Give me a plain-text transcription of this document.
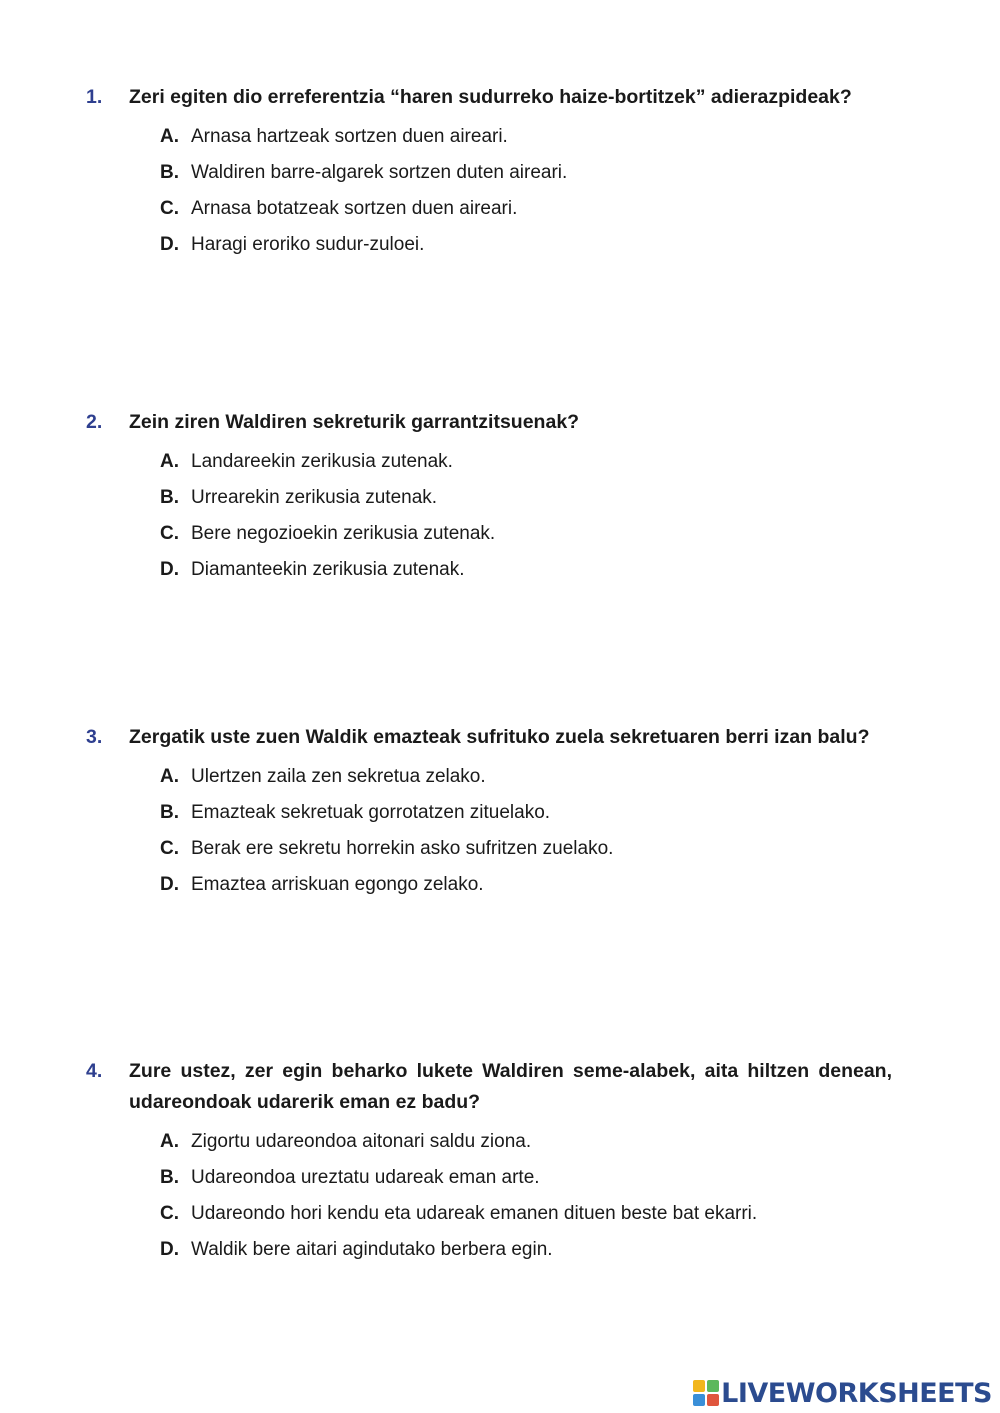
1. Zeri egiten dio erreferentzia “haren sudurreko haize-bortitzek” adierazpideak?
A. Arnasa hartzeak sortzen duen aireari.
B. Waldiren barre-algarek sortzen duten aireari.
C. Arnasa botatzeak sortzen duen aireari.
D. Haragi eroriko sudur-zuloei.
2. Zein ziren Waldiren sekreturik garrantzitsuenak?
A. Landareekin zerikusia zutenak.
B. Urrearekin zerikusia zutenak.
C. Bere negozioekin zerikusia zutenak.
D. Diamanteekin zerikusia zutenak.
3. Zergatik uste zuen Waldik emazteak sufrituko zuela sekretuaren berri izan balu?
A. Ulertzen zaila zen sekretua zelako.
B. Emazteak sekretuak gorrotatzen zituelako.
C. Berak ere sekretu horrekin asko sufritzen zuelako.
D. Emaztea arriskuan egongo zelako.
4. Zure ustez, zer egin beharko lukete Waldiren seme-alabek, aita hiltzen denean, udareondoak udarerik eman ez badu?
A. Zigortu udareondoa aitonari saldu ziona.
B. Udareondoa ureztatu udareak eman arte.
C. Udareondo hori kendu eta udareak emanen dituen beste bat ekarri.
D. Waldik bere aitari agindutako berbera egin.
LIVEWORKSHEETS
